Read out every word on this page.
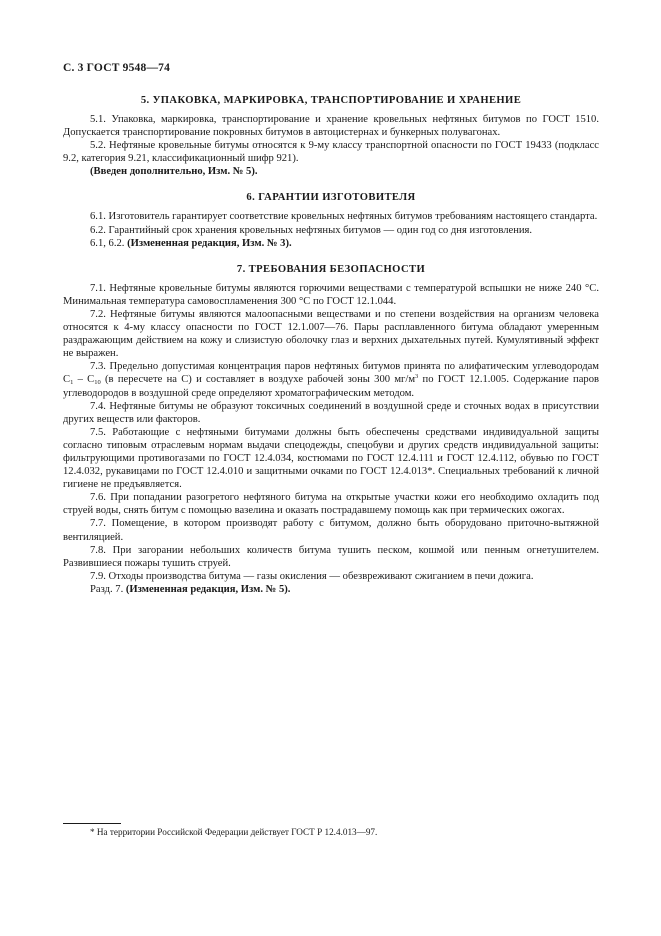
С. 3 ГОСТ 9548—74
5. УПАКОВКА, МАРКИРОВКА, ТРАНСПОРТИРОВАНИЕ И ХРАНЕНИЕ

5.1. Упаковка, маркировка, транспортирование и хранение кровельных нефтяных битумов по ГОСТ 1510. Допускается транспортирование покровных битумов в автоцистернах и бункерных полувагонах.

5.2. Нефтяные кровельные битумы относятся к 9-му классу транспортной опасности по ГОСТ 19433 (подкласс 9.2, категория 9.21, классификационный шифр 921).

(Введен дополнительно, Изм. № 5).

6. ГАРАНТИИ ИЗГОТОВИТЕЛЯ

6.1. Изготовитель гарантирует соответствие кровельных нефтяных битумов требованиям настоящего стандарта.

6.2. Гарантийный срок хранения кровельных нефтяных битумов — один год со дня изготовления.

6.1, 6.2. (Измененная редакция, Изм. № 3).

7. ТРЕБОВАНИЯ БЕЗОПАСНОСТИ

7.1. Нефтяные кровельные битумы являются горючими веществами с температурой вспышки не ниже 240 °С. Минимальная температура самовоспламенения 300 °С по ГОСТ 12.1.044.

7.2. Нефтяные битумы являются малоопасными веществами и по степени воздействия на организм человека относятся к 4-му классу опасности по ГОСТ 12.1.007—76. Пары расплавленного битума обладают умеренным раздражающим действием на кожу и слизистую оболочку глаз и верхних дыхательных путей. Кумулятивный эффект не выражен.

7.3. Предельно допустимая концентрация паров нефтяных битумов принята по алифатическим углеводородам $С_1 - С_{10}$ (в пересчете на С) и составляет в воздухе рабочей зоны 300 $мг/м^3$ по ГОСТ 12.1.005. Содержание паров углеводородов в воздушной среде определяют хроматографическим методом.

7.4. Нефтяные битумы не образуют токсичных соединений в воздушной среде и сточных водах в присутствии других веществ или факторов.

7.5. Работающие с нефтяными битумами должны быть обеспечены средствами индивидуальной защиты согласно типовым отраслевым нормам выдачи спецодежды, спецобуви и других средств индивидуальной защиты: фильтрующими противогазами по ГОСТ 12.4.034, костюмами по ГОСТ 12.4.111 и ГОСТ 12.4.112, обувью по ГОСТ 12.4.032, рукавицами по ГОСТ 12.4.010 и защитными очками по ГОСТ 12.4.013*. Специальных требований к личной гигиене не предъявляется.

7.6. При попадании разогретого нефтяного битума на открытые участки кожи его необходимо охладить под струей воды, снять битум с помощью вазелина и оказать пострадавшему помощь как при термических ожогах.

7.7. Помещение, в котором производят работу с битумом, должно быть оборудовано приточно-вытяжной вентиляцией.

7.8. При загорании небольших количеств битума тушить песком, кошмой или пенным огнетушителем. Развившиеся пожары тушить струей.

7.9. Отходы производства битума — газы окисления — обезвреживают сжиганием в печи дожига.

Разд. 7. (Измененная редакция, Изм. № 5).

* На территории Российской Федерации действует ГОСТ Р 12.4.013—97.
